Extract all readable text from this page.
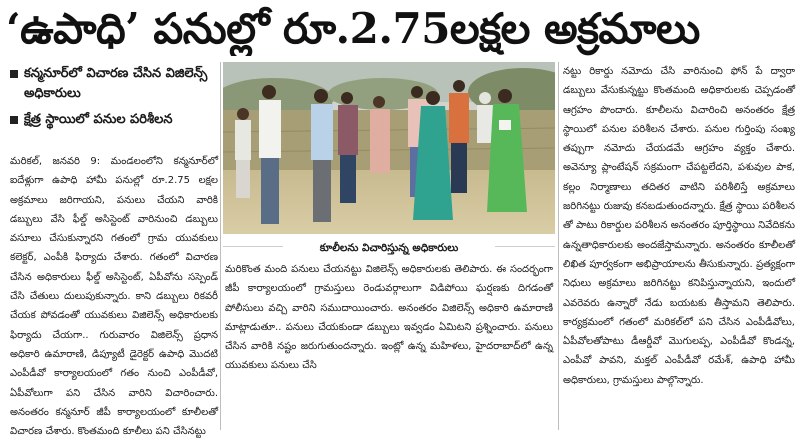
‘ఉపాధి’ పనుల్లో రూ.2.75లక్షల అక్రమాలు
కన్మనూర్‌లో విచారణ చేసిన విజిలెన్స్ అధికారులు
క్షేత్ర స్థాయిలో పనుల పరిశీలన

మరికల్, జనవరి 9: మండలంలోని కన్మనూర్‌లో ఐదేళ్లుగా ఉపాధి హామీ పనుల్లో రూ.2.75 లక్షల అక్రమాలు జరిగాయని, పనులు చేయని వారికి డబ్బులు వేసి ఫీల్డ్ అసిస్టెంట్ వారినుంచి డబ్బులు వసూలు చేసుకున్నారని గతంలో గ్రామ యువకులు కలెక్టర్, ఎంపీకి ఫిర్యాదు చేశారు. గతంలో విచారణ చేసిన అధికారులు ఫీల్డ్ అసిస్టెంట్, ఏపీవోను సస్పెండ్ చేసి చేతులు దులుపుకున్నారు. కాని డబ్బులు రికవరీ చేయక పోవడంతో యువకులు విజిలెన్స్ అధికారులకు ఫిర్యాదు చేయగా.. గురువారం విజిలెన్స్ ప్రధాన అధికారి ఉమారాణి, డిప్యూటీ డైరెక్టర్ ఉపాధి మొదటి ఎంపీడీవో కార్యాలయంలో గతం నుంచి ఎంపీడీవో, ఏపీవోలుగా పని చేసిన వారిని విచారించారు. అనంతరం కన్మనూర్ జీపీ కార్యాలయంలో కూలీలతో విచారణ చేశారు. కొంతమంది కూలీలు పని చేసినట్టు

కూలీలను విచారిస్తున్న అధికారులు

మరికొంత మంది పనులు చేయనట్టు విజిలెన్స్ అధికారులకు తెలిపారు. ఈ సందర్భంగా జీపీ కార్యాలయంలో గ్రామస్తులు రెండువర్గాలుగా విడిపోయి ఘర్షణకు దిగడంతో పోలీసులు వచ్చి వారిని సముదాయించారు. అనంతరం విజిలెన్స్ అధికారి ఉమారాణి మాట్లాడుతూ.. పనులు చేయకుండా డబ్బులు ఇవ్వడం ఏమిటని ప్రశ్నించారు. పనులు చేసిన వారికి నష్టం జరుగుతుందన్నారు. ఇంట్లో ఉన్న మహిళలు, హైదరాబాద్‌లో ఉన్న యువకులు పనులు చేసి

నట్టు రికార్డు నమోదు చేసి వారినుంచి ఫోన్ పే ద్వారా డబ్బులు వేసుకున్నట్టు కొంతమంది అధికారులకు చెప్పడంతో ఆగ్రహం పొందారు. కూలీలను విచారించి అనంతరం క్షేత్ర స్థాయిలో పనుల పరిశీలన చేశారు. పనుల గుర్తింపు సంఖ్య తప్పుగా నమోదు చేయడమే ఆగ్రహం వ్యక్తం చేశారు. అవెన్యూ ప్లాంటేషన్ సక్రమంగా చేపట్టలేదని, పశువుల పాక, కల్లం నిర్మాణాలు తదితర వాటిని పరిశీలిస్తే అక్రమాలు జరిగినట్టు రుజువు కనబడుతుందన్నారు. క్షేత్ర స్థాయి పరిశీలన తో పాటు రికార్డుల పరిశీలన అనంతరం పూర్తిస్థాయి నివేదికను ఉన్నతాధికారులకు అందజేస్తామన్నారు. అనంతరం కూలీలతో లిఖిత పూర్వకంగా అభిప్రాయాలను తీసుకున్నారు. ప్రత్యక్షంగా నిధులు అక్రమాలు జరిగినట్టు కనిపిస్తున్నాయని, ఇందులో ఎవరెవరు ఉన్నారో నేడు బయటకు తీస్తామని తెలిపారు. కార్యక్రమంలో గతంలో మరికల్‌లో పని చేసిన ఎంపీడీవోలు, ఏపీవోలతోపాటు డీఆర్డీవో మొగులప్ప, ఎంపీడీవో కొండన్న, ఎంపీవో పావని, మక్తల్ ఎంపీడీవో రమేశ్, ఉపాధి హామీ అధికారులు, గ్రామస్తులు పాల్గొన్నారు.
